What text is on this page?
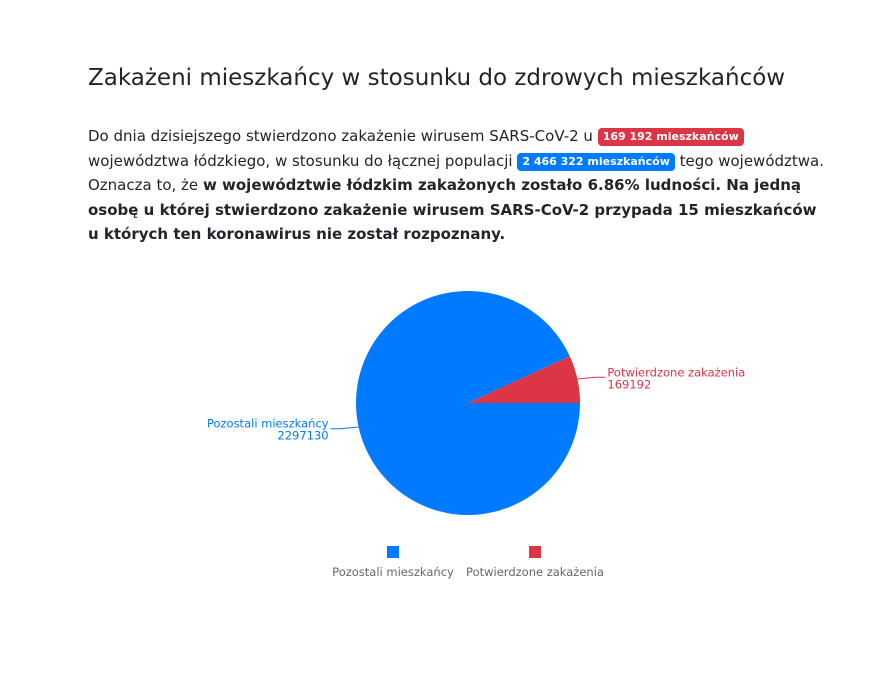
Zakażeni mieszkańcy w stosunku do zdrowych mieszkańców

Do dnia dzisiejszego stwierdzono zakażenie wirusem SARS-CoV-2 u 169 192 mieszkańców województwa łódzkiego, w stosunku do łącznej populacji 2 466 322 mieszkańców tego województwa. Oznacza to, że w województwie łódzkim zakażonych zostało 6.86% ludności. Na jedną osobę u której stwierdzono zakażenie wirusem SARS-CoV-2 przypada 15 mieszkańców u których ten koronawirus nie został rozpoznany.

Pozostali mieszkańcy
2297130
Potwierdzone zakażenia
169192
Pozostali mieszkańcy Potwierdzone zakażenia
